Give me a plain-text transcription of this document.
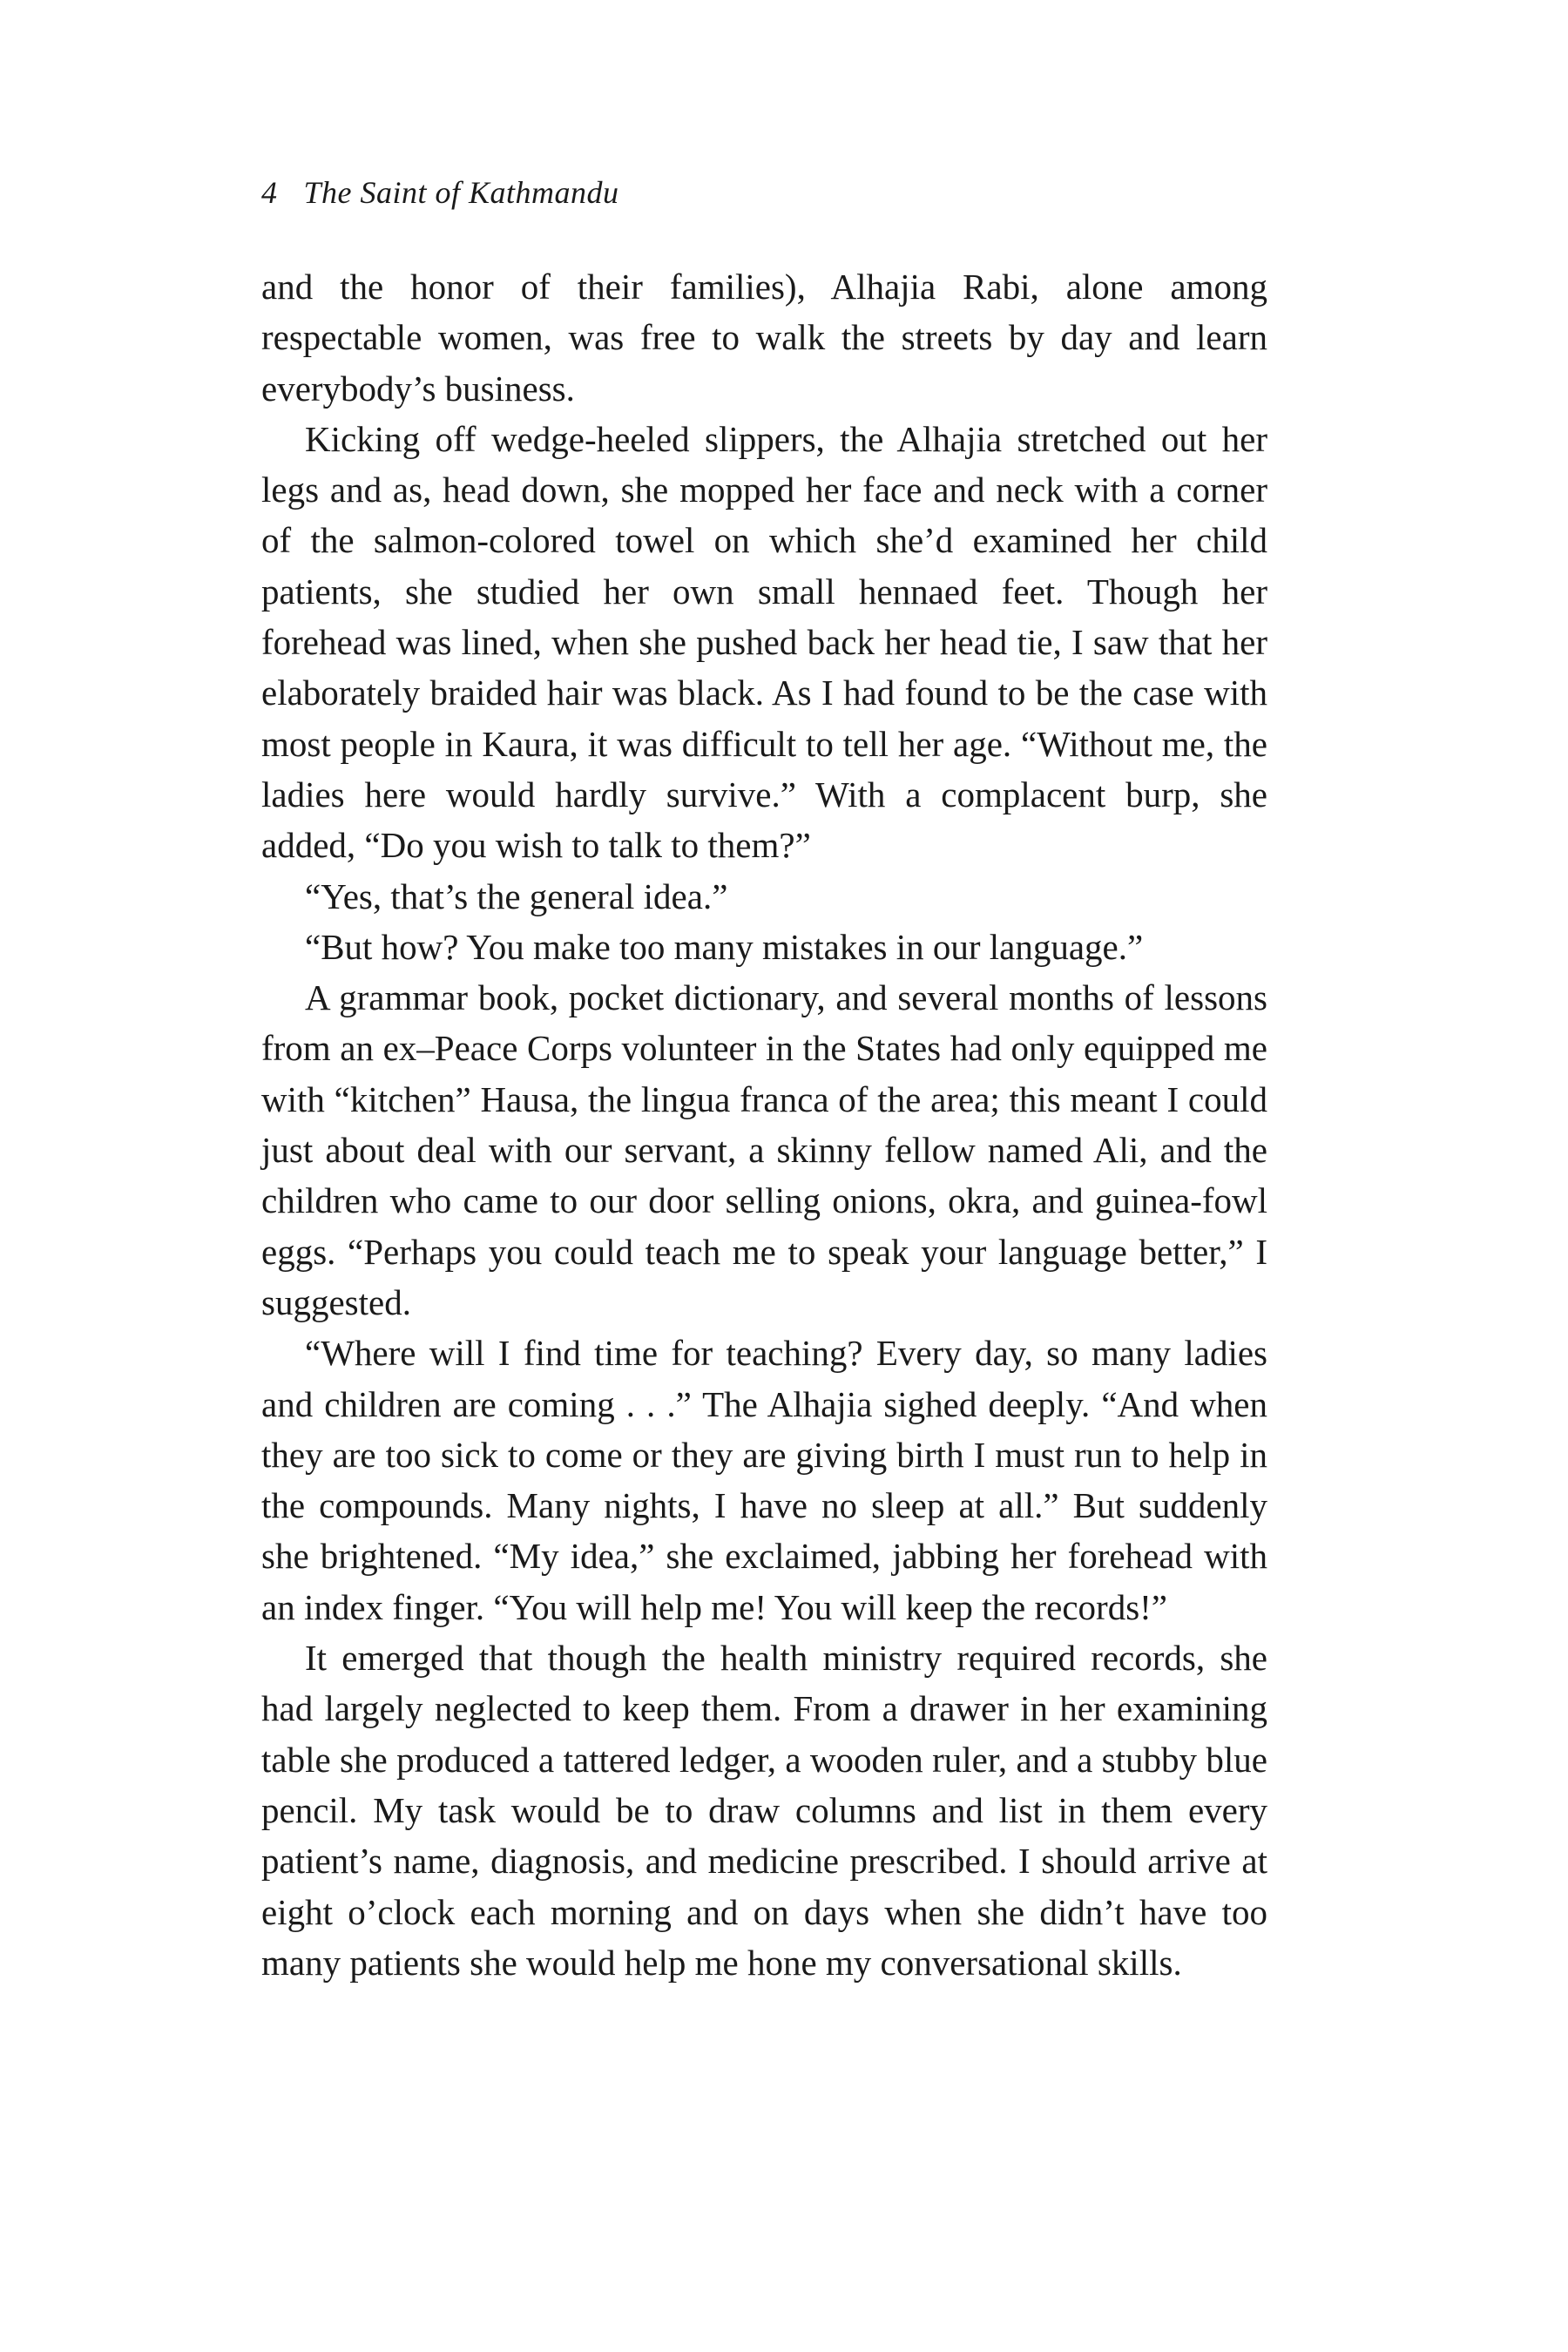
4 The Saint of Kathmandu

and the honor of their families), Alhajia Rabi, alone among respectable women, was free to walk the streets by day and learn everybody’s business.

Kicking off wedge-heeled slippers, the Alhajia stretched out her legs and as, head down, she mopped her face and neck with a corner of the salmon-colored towel on which she’d examined her child patients, she studied her own small hennaed feet. Though her forehead was lined, when she pushed back her head tie, I saw that her elaborately braided hair was black. As I had found to be the case with most people in Kaura, it was difficult to tell her age. “Without me, the ladies here would hardly survive.” With a complacent burp, she added, “Do you wish to talk to them?”

“Yes, that’s the general idea.”

“But how? You make too many mistakes in our language.”

A grammar book, pocket dictionary, and several months of lessons from an ex–Peace Corps volunteer in the States had only equipped me with “kitchen” Hausa, the lingua franca of the area; this meant I could just about deal with our servant, a skinny fellow named Ali, and the children who came to our door selling onions, okra, and guinea-fowl eggs. “Perhaps you could teach me to speak your language better,” I suggested.

“Where will I find time for teaching? Every day, so many ladies and children are coming . . .” The Alhajia sighed deeply. “And when they are too sick to come or they are giving birth I must run to help in the compounds. Many nights, I have no sleep at all.” But suddenly she brightened. “My idea,” she exclaimed, jabbing her forehead with an index finger. “You will help me! You will keep the records!”

It emerged that though the health ministry required records, she had largely neglected to keep them. From a drawer in her examining table she produced a tattered ledger, a wooden ruler, and a stubby blue pencil. My task would be to draw columns and list in them every patient’s name, diagnosis, and medicine prescribed. I should arrive at eight o’clock each morning and on days when she didn’t have too many patients she would help me hone my conversational skills.
